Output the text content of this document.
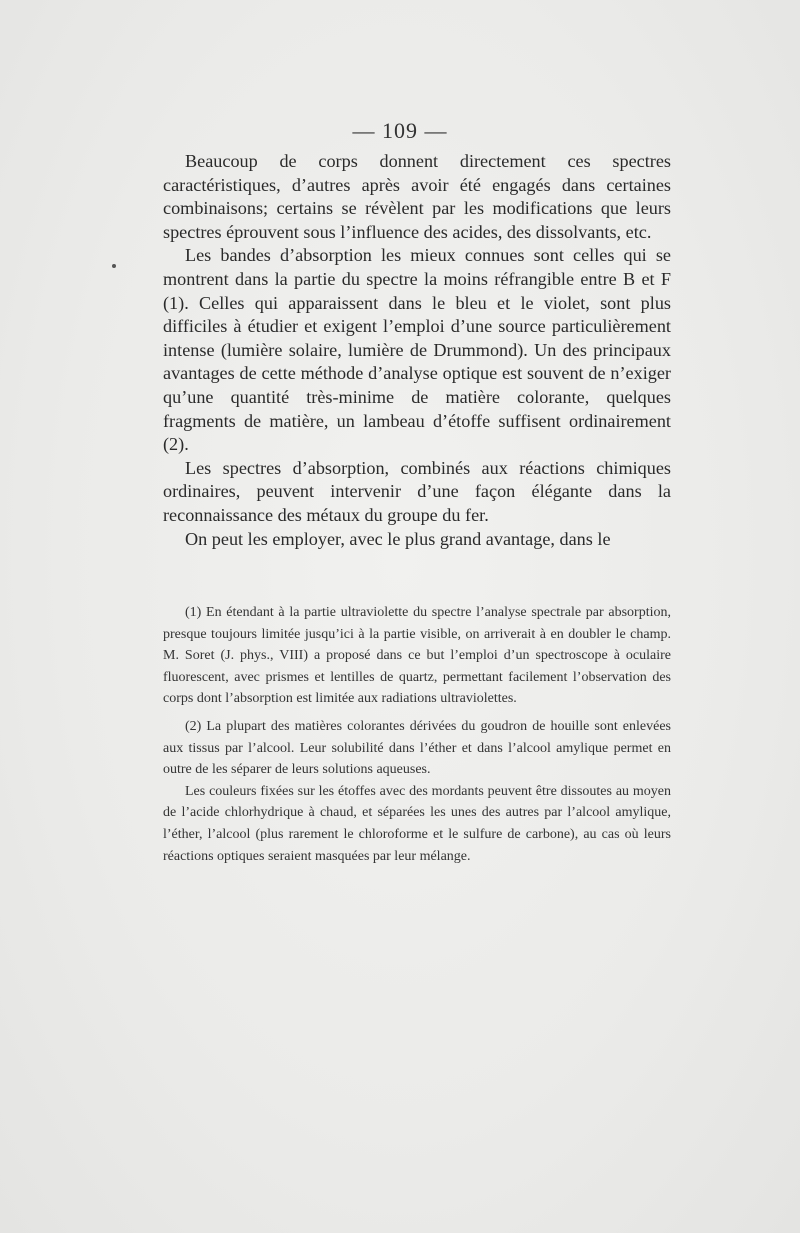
— 109 —

Beaucoup de corps donnent directement ces spectres caractéristiques, d’autres après avoir été engagés dans certaines combinaisons; certains se révèlent par les modifications que leurs spectres éprouvent sous l’influence des acides, des dissolvants, etc.

Les bandes d’absorption les mieux connues sont celles qui se montrent dans la partie du spectre la moins réfrangible entre B et F (1). Celles qui apparaissent dans le bleu et le violet, sont plus difficiles à étudier et exigent l’emploi d’une source particulièrement intense (lumière solaire, lumière de Drummond). Un des principaux avantages de cette méthode d’analyse optique est souvent de n’exiger qu’une quantité très-minime de matière colorante, quelques fragments de matière, un lambeau d’étoffe suffisent ordinairement (2).

Les spectres d’absorption, combinés aux réactions chimiques ordinaires, peuvent intervenir d’une façon élégante dans la reconnaissance des métaux du groupe du fer.

On peut les employer, avec le plus grand avantage, dans le

(1) En étendant à la partie ultraviolette du spectre l’analyse spectrale par absorption, presque toujours limitée jusqu’ici à la partie visible, on arriverait à en doubler le champ. M. Soret (J. phys., VIII) a proposé dans ce but l’emploi d’un spectroscope à oculaire fluorescent, avec prismes et lentilles de quartz, permettant facilement l’observation des corps dont l’absorption est limitée aux radiations ultraviolettes.

(2) La plupart des matières colorantes dérivées du goudron de houille sont enlevées aux tissus par l’alcool. Leur solubilité dans l’éther et dans l’alcool amylique permet en outre de les séparer de leurs solutions aqueuses.

Les couleurs fixées sur les étoffes avec des mordants peuvent être dissoutes au moyen de l’acide chlorhydrique à chaud, et séparées les unes des autres par l’alcool amylique, l’éther, l’alcool (plus rarement le chloroforme et le sulfure de carbone), au cas où leurs réactions optiques seraient masquées par leur mélange.
